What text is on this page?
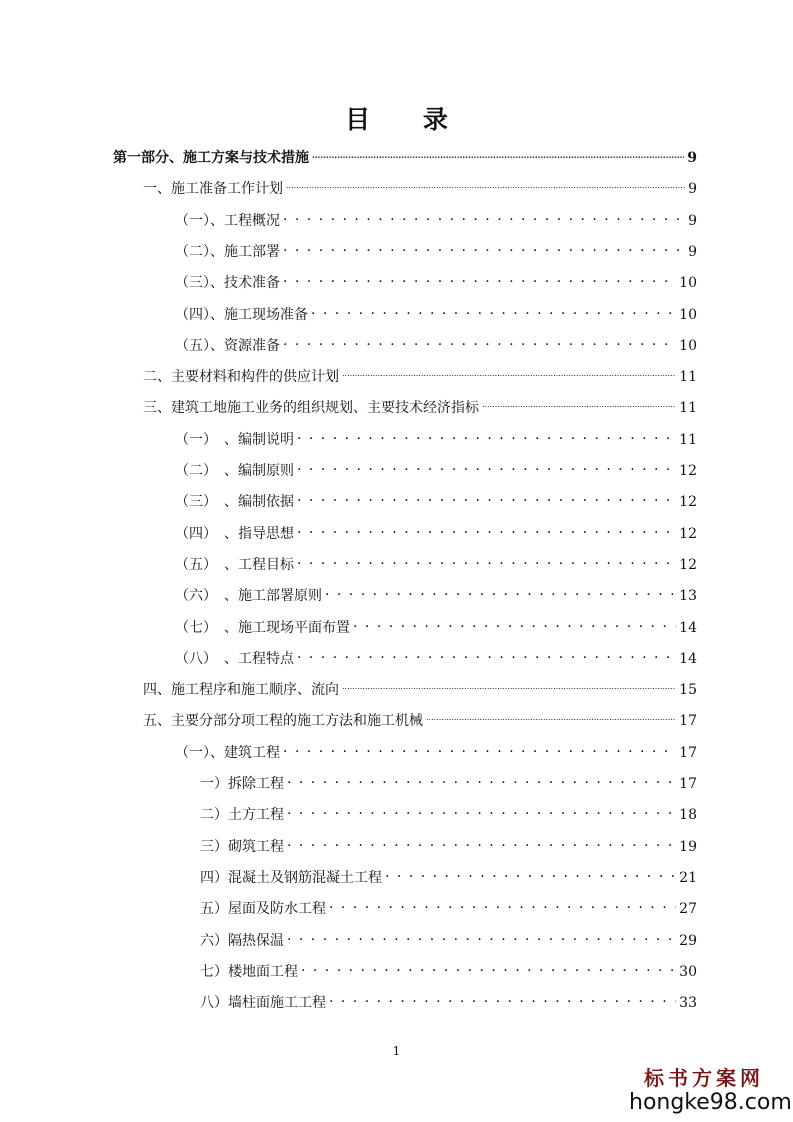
目 录
第一部分、施工方案与技术措施 .....	9
一、施工准备工作计划 .....	9
（一）、工程概况 . . .	9
（二）、施工部署 . . .	9
（三）、技术准备 . . .	10
（四）、施工现场准备 . . .	10
（五）、资源准备 . . .	10
二、主要材料和构件的供应计划 .....	11
三、建筑工地施工业务的组织规划、主要技术经济指标 .....	11
（一）　、编制说明 . . .	11
（二）　、编制原则 . . .	12
（三）　、编制依据 . . .	12
（四）　、指导思想 . . .	12
（五）　、工程目标 . . .	12
（六）　、施工部署原则 . . .	13
（七）　、施工现场平面布置 . . .	14
（八）　、工程特点 . . .	14
四、施工程序和施工顺序、流向 .....	15
五、主要分部分项工程的施工方法和施工机械 .....	17
（一）、建筑工程 . . .	17
一）拆除工程 . . .	17
二）土方工程 . . .	18
三）砌筑工程 . . .	19
四）混凝土及钢筋混凝土工程 . . .	21
五）屋面及防水工程 . . .	27
六）隔热保温 . . .	29
七）楼地面工程 . . .	30
八）墙柱面施工工程 . . .	33
1
标书方案网
hongke98.com
